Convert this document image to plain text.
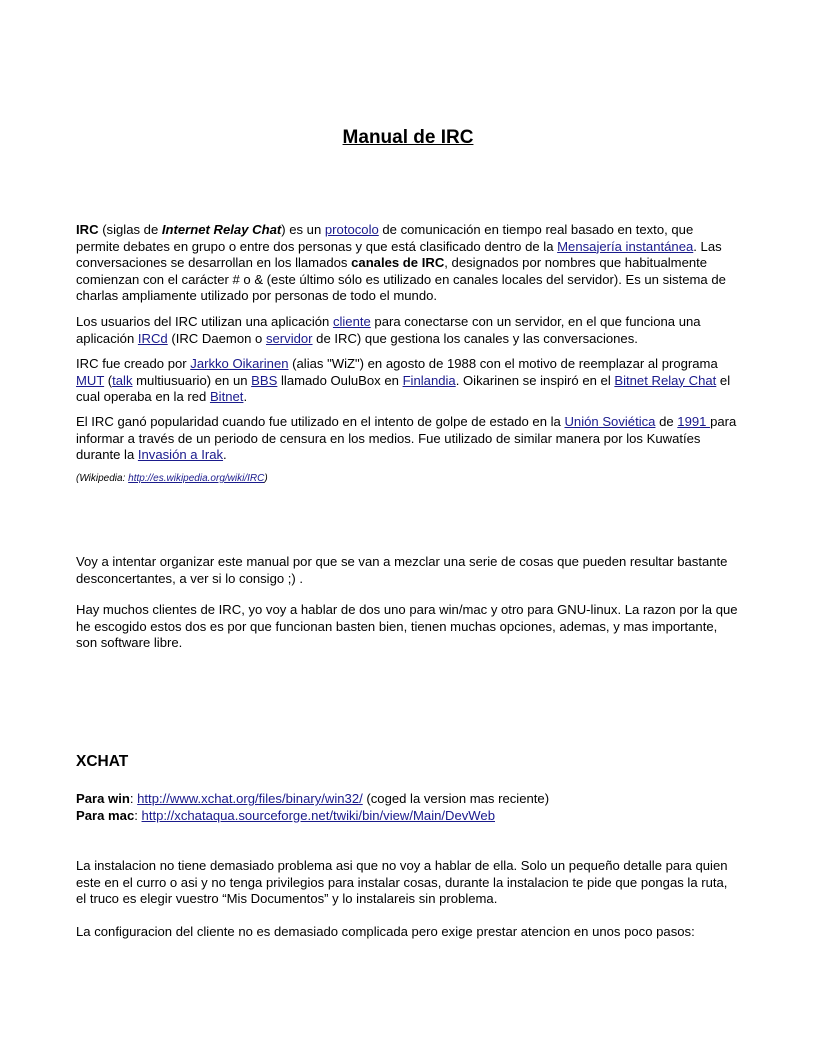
Manual de IRC

IRC (siglas de Internet Relay Chat) es un protocolo de comunicación en tiempo real basado en texto, que permite debates en grupo o entre dos personas y que está clasificado dentro de la Mensajería instantánea. Las conversaciones se desarrollan en los llamados canales de IRC, designados por nombres que habitualmente comienzan con el carácter # o & (este último sólo es utilizado en canales locales del servidor). Es un sistema de charlas ampliamente utilizado por personas de todo el mundo.

Los usuarios del IRC utilizan una aplicación cliente para conectarse con un servidor, en el que funciona una aplicación IRCd (IRC Daemon o servidor de IRC) que gestiona los canales y las conversaciones.

IRC fue creado por Jarkko Oikarinen (alias "WiZ") en agosto de 1988 con el motivo de reemplazar al programa MUT (talk multiusuario) en un BBS llamado OuluBox en Finlandia. Oikarinen se inspiró en el Bitnet Relay Chat el cual operaba en la red Bitnet.

El IRC ganó popularidad cuando fue utilizado en el intento de golpe de estado en la Unión Soviética de 1991 para informar a través de un periodo de censura en los medios. Fue utilizado de similar manera por los Kuwatíes durante la Invasión a Irak.

(Wikipedia: http://es.wikipedia.org/wiki/IRC)

Voy a intentar organizar este manual por que se van a mezclar una serie de cosas que pueden resultar bastante desconcertantes, a ver si lo consigo ;) .

Hay muchos clientes de IRC, yo voy a hablar de dos uno para win/mac y otro para GNU-linux. La razon por la que he escogido estos dos es por que funcionan basten bien, tienen muchas opciones, ademas, y mas importante, son software libre.

XCHAT

Para win: http://www.xchat.org/files/binary/win32/ (coged la version mas reciente)

Para mac: http://xchataqua.sourceforge.net/twiki/bin/view/Main/DevWeb

La instalacion no tiene demasiado problema asi que no voy a hablar de ella. Solo un pequeño detalle para quien este en el curro o asi y no tenga privilegios para instalar cosas, durante la instalacion te pide que pongas la ruta, el truco es elegir vuestro “Mis Documentos” y lo instalareis sin problema.

La configuracion del cliente no es demasiado complicada pero exige prestar atencion en unos poco pasos:
